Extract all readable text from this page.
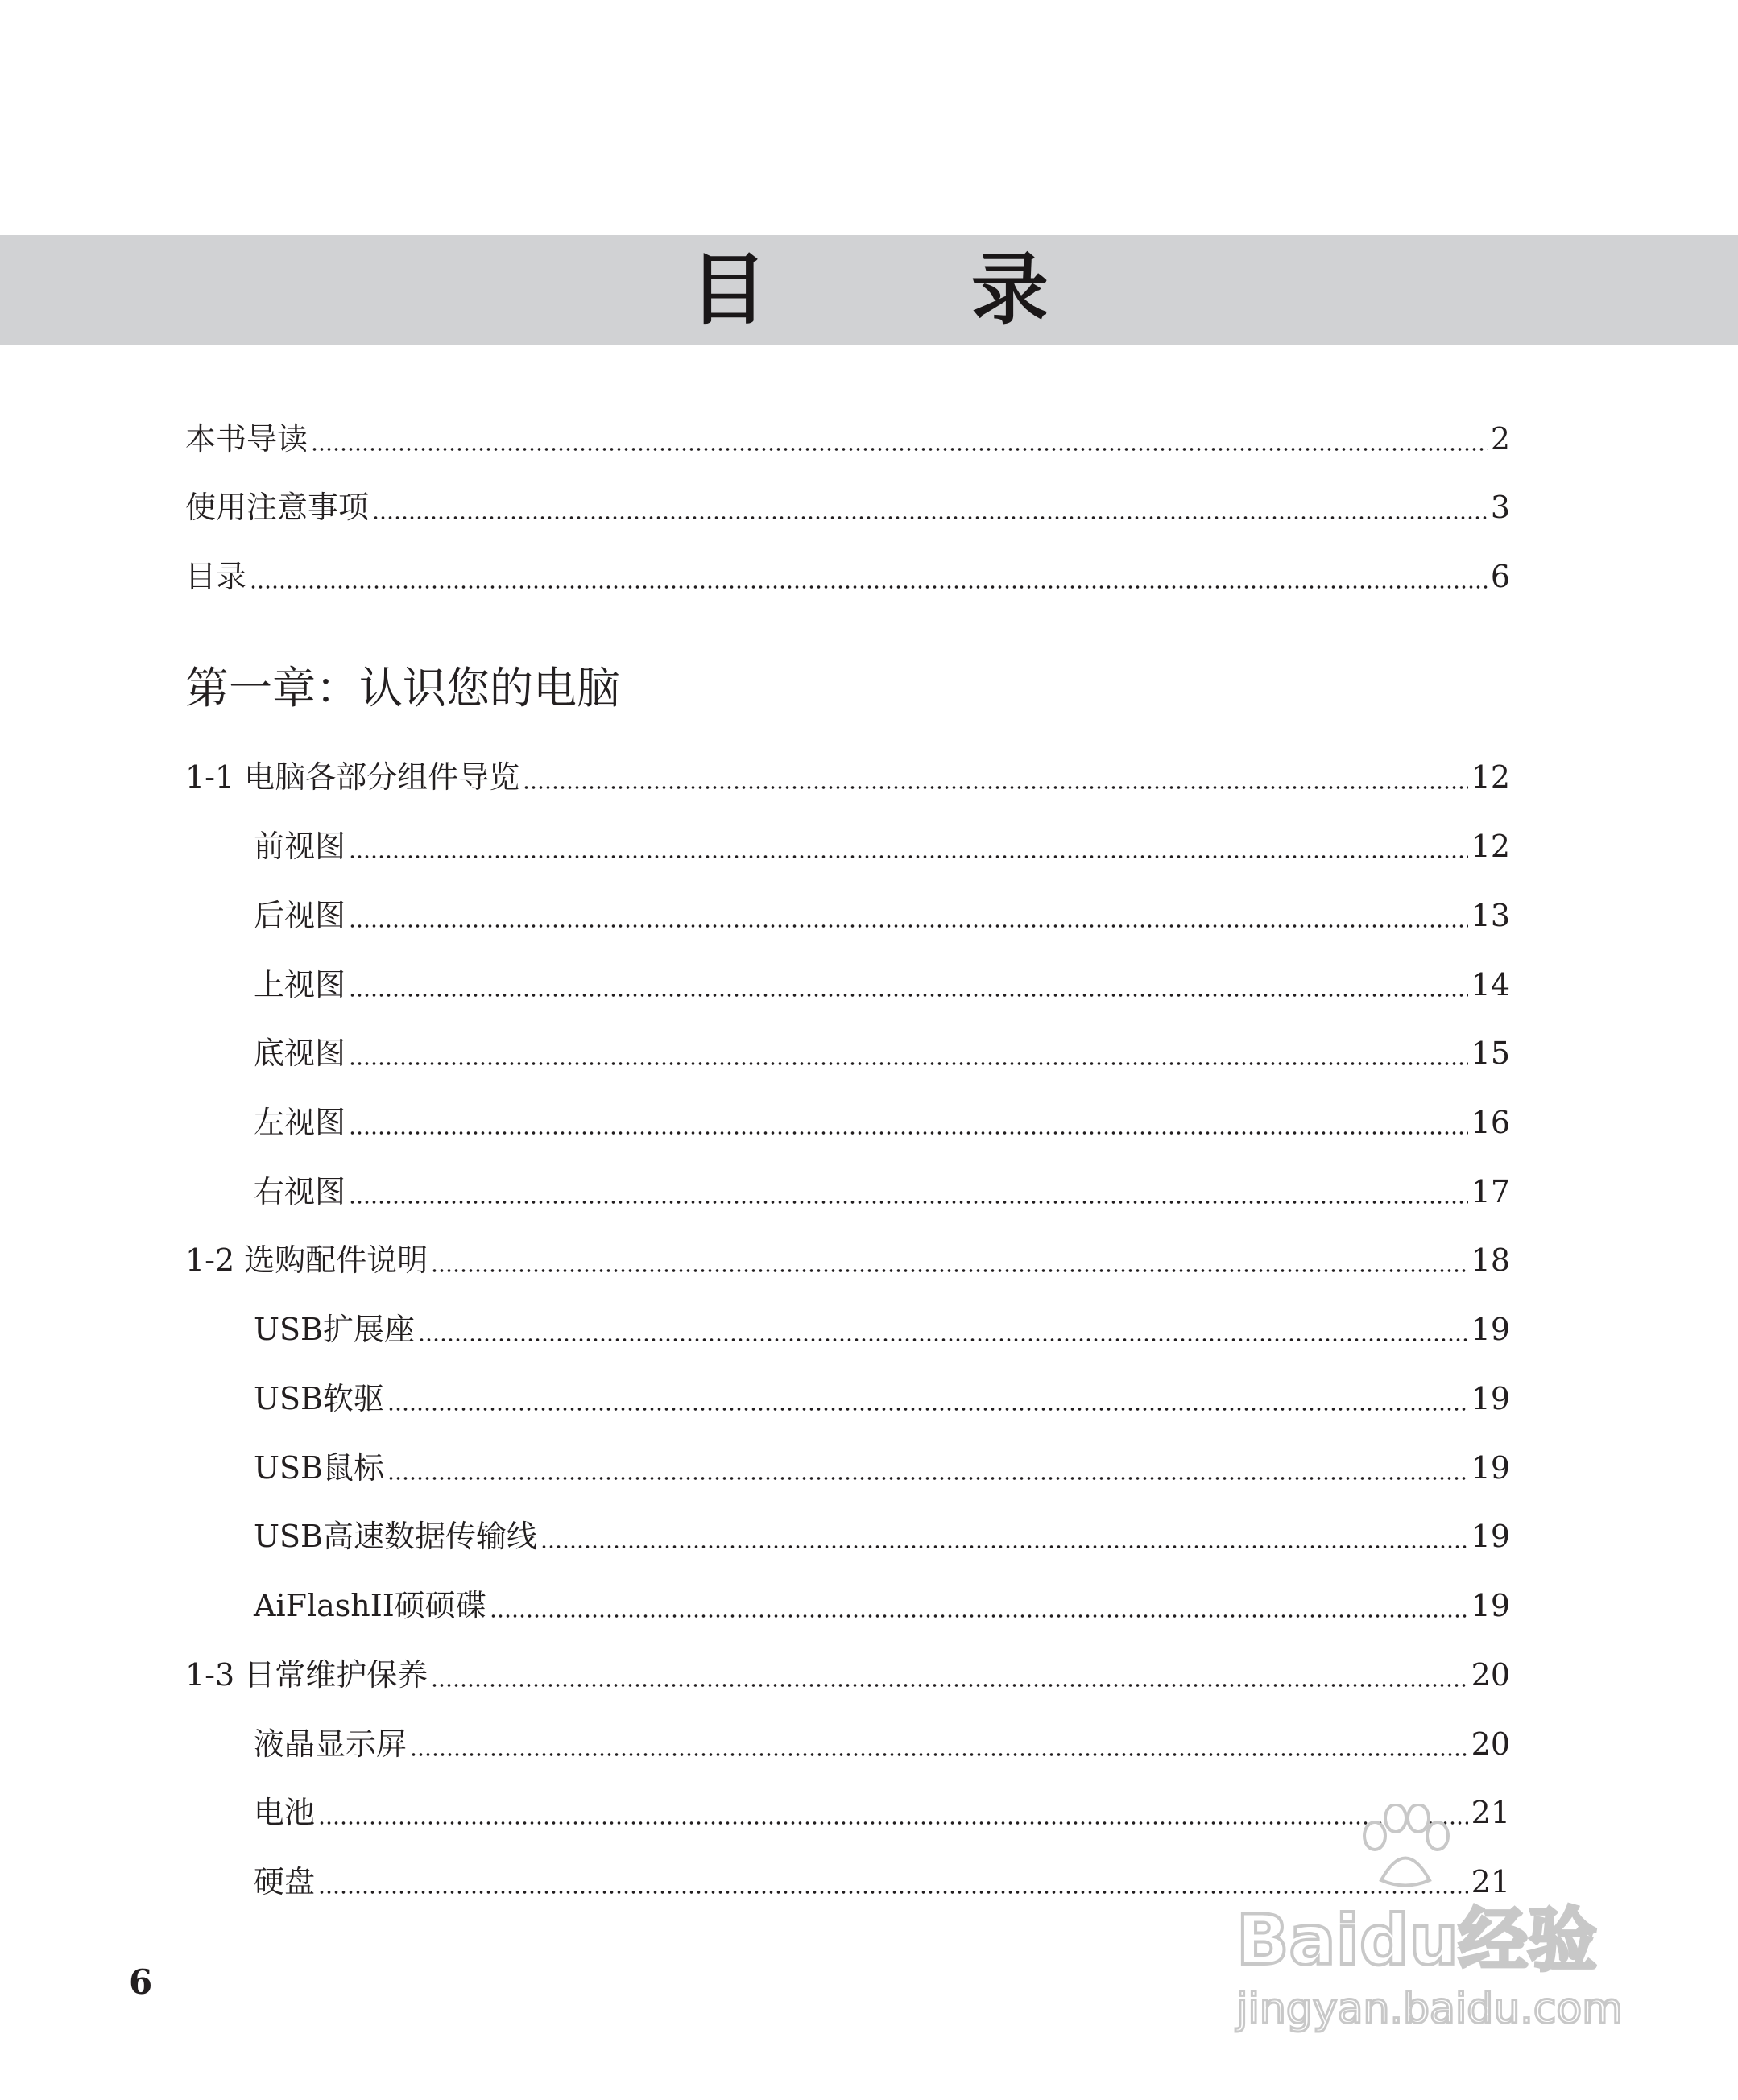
目 录
本书导读	2
使用注意事项	3
目录	6
第一章：认识您的电脑
1-1 电脑各部分组件导览	12
前视图	12
后视图	13
上视图	14
底视图	15
左视图	16
右视图	17
1-2 选购配件说明	18
USB扩展座	19
USB软驱	19
USB鼠标	19
USB高速数据传输线	19
AiFlashII硕硕碟	19
1-3 日常维护保养	20
液晶显示屏	20
电池	21
硬盘	21
6
Baidu经验
jingyan.baidu.com
